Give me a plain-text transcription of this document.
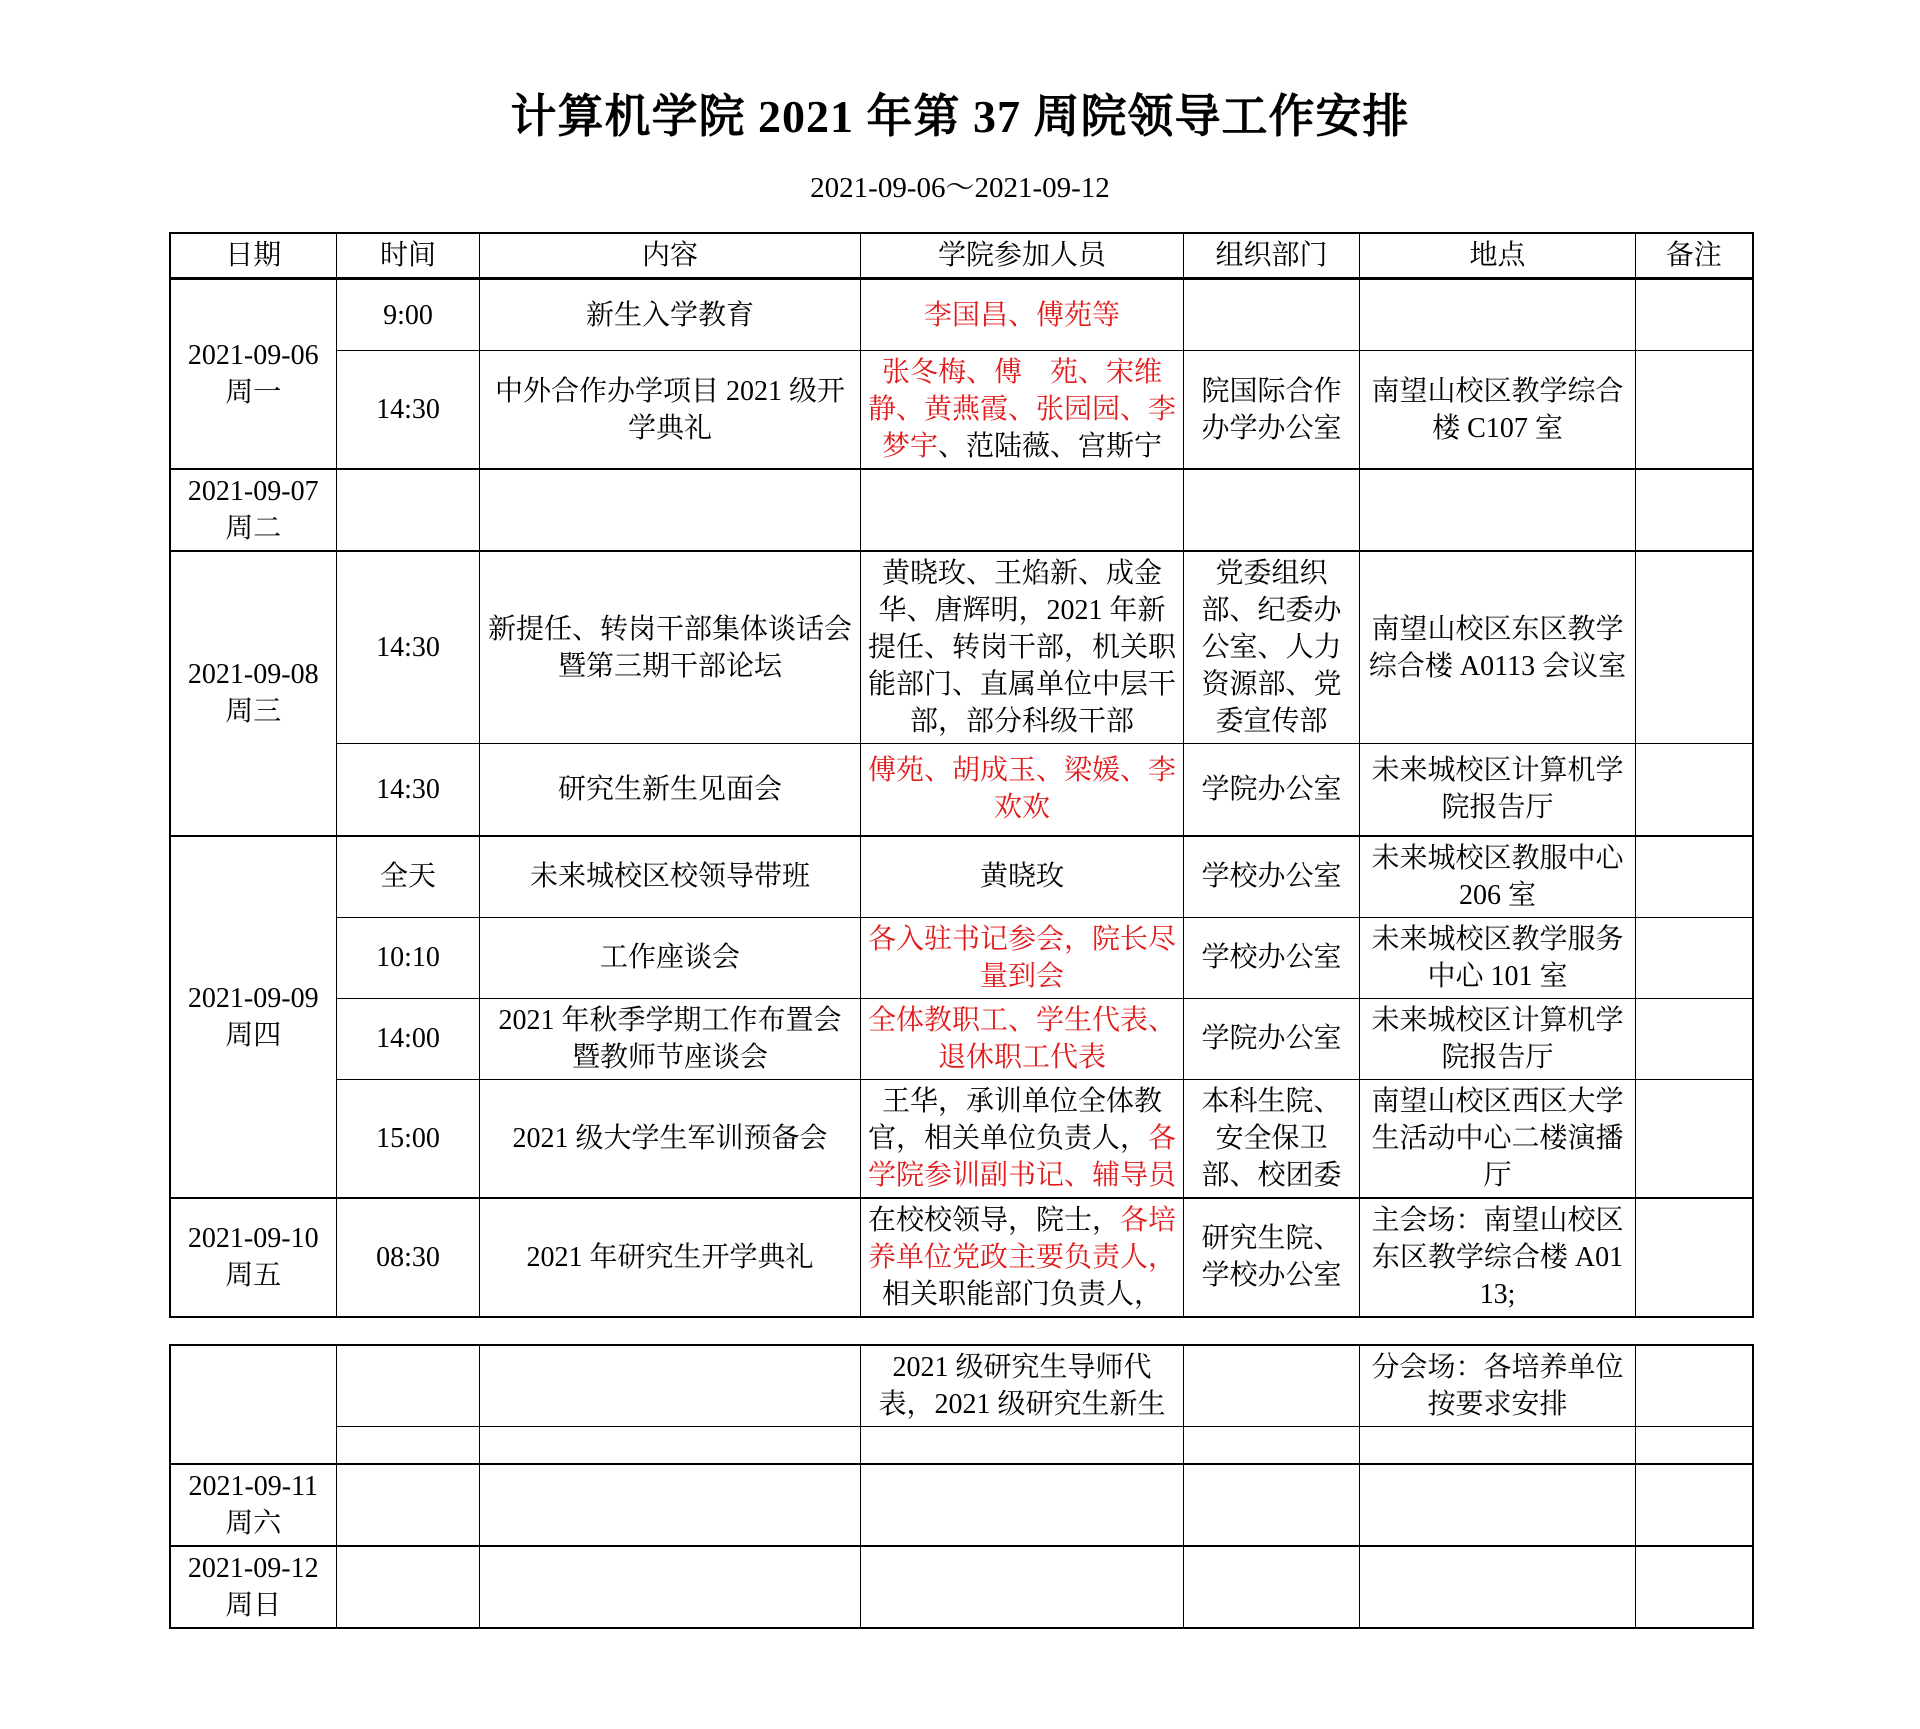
计算机学院 2021 年第 37 周院领导工作安排
2021-09-06～2021-09-12
日期	时间	内容	学院参加人员	组织部门	地点	备注

2021-09-06
周一	9:00	新生入学教育	李国昌、傅苑等			
	14:30	中外合作办学项目 2021 级开学典礼	张冬梅、傅　苑、宋维静、黄燕霞、张园园、李梦宇、范陆薇、宫斯宁	院国际合作办学办公室	南望山校区教学综合楼 C107 室	

2021-09-07
周二						

2021-09-08
周三	14:30	新提任、转岗干部集体谈话会暨第三期干部论坛	黄晓玫、王焰新、成金华、唐辉明，2021 年新提任、转岗干部，机关职能部门、直属单位中层干部，部分科级干部	党委组织部、纪委办公室、人力资源部、党委宣传部	南望山校区东区教学综合楼 A0113 会议室	
	14:30	研究生新生见面会	傅苑、胡成玉、梁媛、李欢欢	学院办公室	未来城校区计算机学院报告厅	

2021-09-09
周四	全天	未来城校区校领导带班	黄晓玫	学校办公室	未来城校区教服中心 206 室	
	10:10	工作座谈会	各入驻书记参会，院长尽量到会	学校办公室	未来城校区教学服务中心 101 室	
	14:00	2021 年秋季学期工作布置会暨教师节座谈会	全体教职工、学生代表、退休职工代表	学院办公室	未来城校区计算机学院报告厅	
	15:00	2021 级大学生军训预备会	王华，承训单位全体教官，相关单位负责人，各学院参训副书记、辅导员	本科生院、安全保卫部、校团委	南望山校区西区大学生活动中心二楼演播厅	

2021-09-10
周五	08:30	2021 年研究生开学典礼	在校校领导，院士，各培养单位党政主要负责人，相关职能部门负责人，	研究生院、学校办公室	主会场：南望山校区东区教学综合楼 A0113;	
			2021 级研究生导师代表，2021 级研究生新生		分会场：各培养单位按要求安排	

2021-09-11
周六						

2021-09-12
周日						
